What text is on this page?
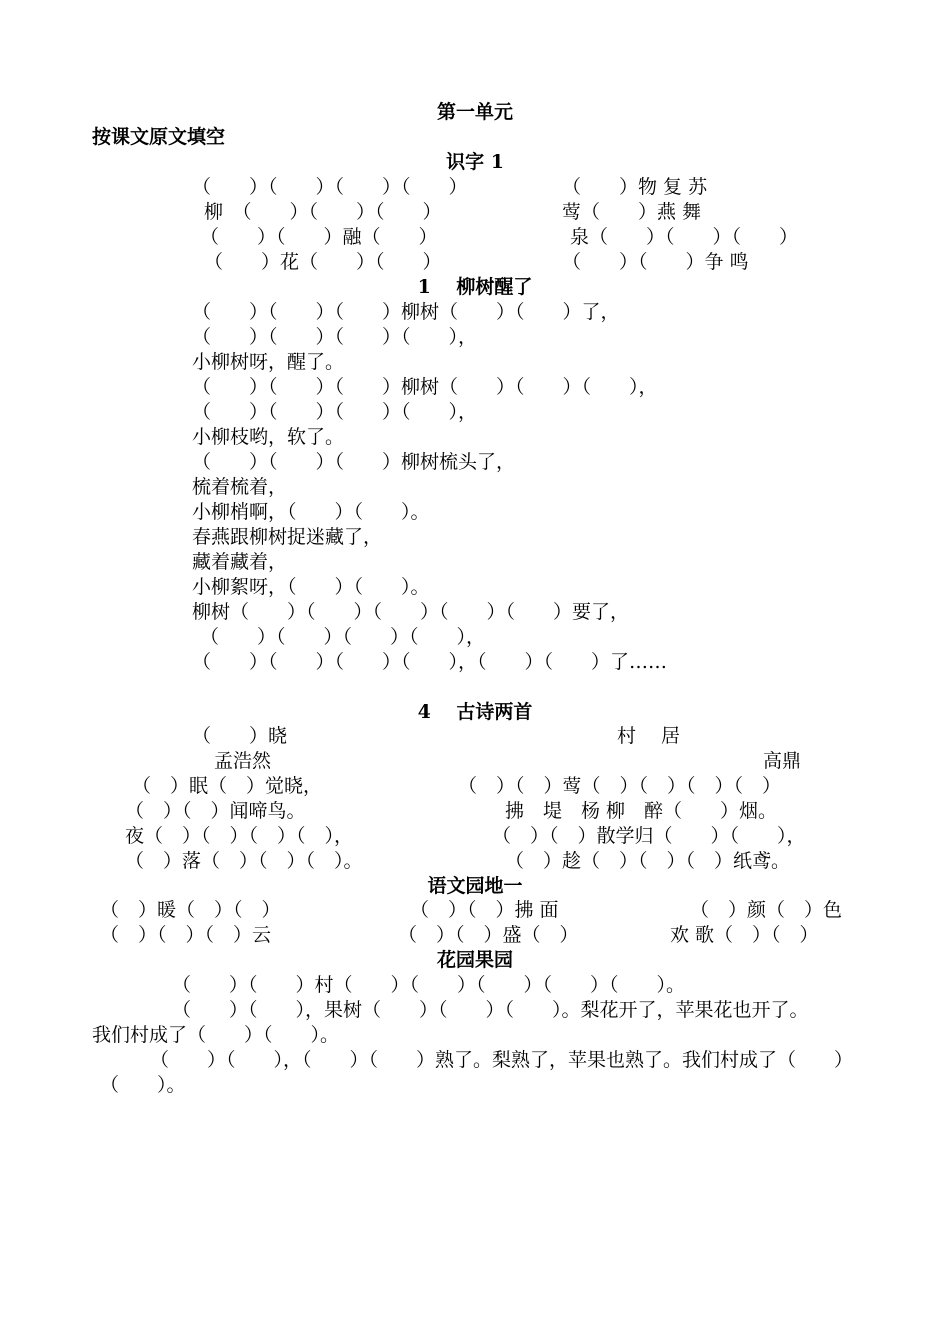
第一单元
按课文原文填空
识字 1
（　　）（　　）（　　）（　　）	（　　）物 复 苏
柳　（　　）（　　）（　　）	莺（　　）燕 舞
（　　）（　　）融（　　）	泉（　　）（　　）（　　）
（　　）花（　　）（　　）	（　　）（　　）争 鸣
1　 柳树醒了
（　　）（　　）（　　）柳树（　　）（　　）了，
（　　）（　　）（　　）（　　），
小柳树呀，醒了。
（　　）（　　）（　　）柳树（　　）（　　）（　　），
（　　）（　　）（　　）（　　），
小柳枝哟，软了。
（　　）（　　）（　　）柳树梳头了，
梳着梳着，
小柳梢啊，（　　）（　　）。
春燕跟柳树捉迷藏了，
藏着藏着，
小柳絮呀，（　　）（　　）。
柳树（　　）（　　）（　　）（　　）（　　）要了，
（　　）（　　）（　　）（　　），
（　　）（　　）（　　）（　　），（　　）（　　）了……
4　 古诗两首
（　　）晓
孟浩然
村　 居
高鼎
（　）眠（　）觉晓，
（　）（　）闻啼鸟。
夜（　）（　）（　）（　），
（　）落（　）（　）（　）。
（　）（　）莺（　）（　）（　）（　）
拂　堤　杨 柳　醉（　　）烟。
（　）（　）散学归（　　）（　　），
（　）趁（　）（　）（　）纸鸢。
语文园地一
（　）暖（　）（　）	（　）（　）拂 面	（　）颜（　）色
（　）（　）（　）云	（　）（　）盛（　）	欢 歌（　）（　）
花园果园
（　　）（　　）村（　　）（　　）（　　）（　　）（　　）。
（　　）（　　），果树（　　）（　　）（　　）。梨花开了，苹果花也开了。
我们村成了（　　）（　　）。
（　　）（　　），（　　）（　　）熟了。梨熟了，苹果也熟了。我们村成了（　　）
（　　）。
